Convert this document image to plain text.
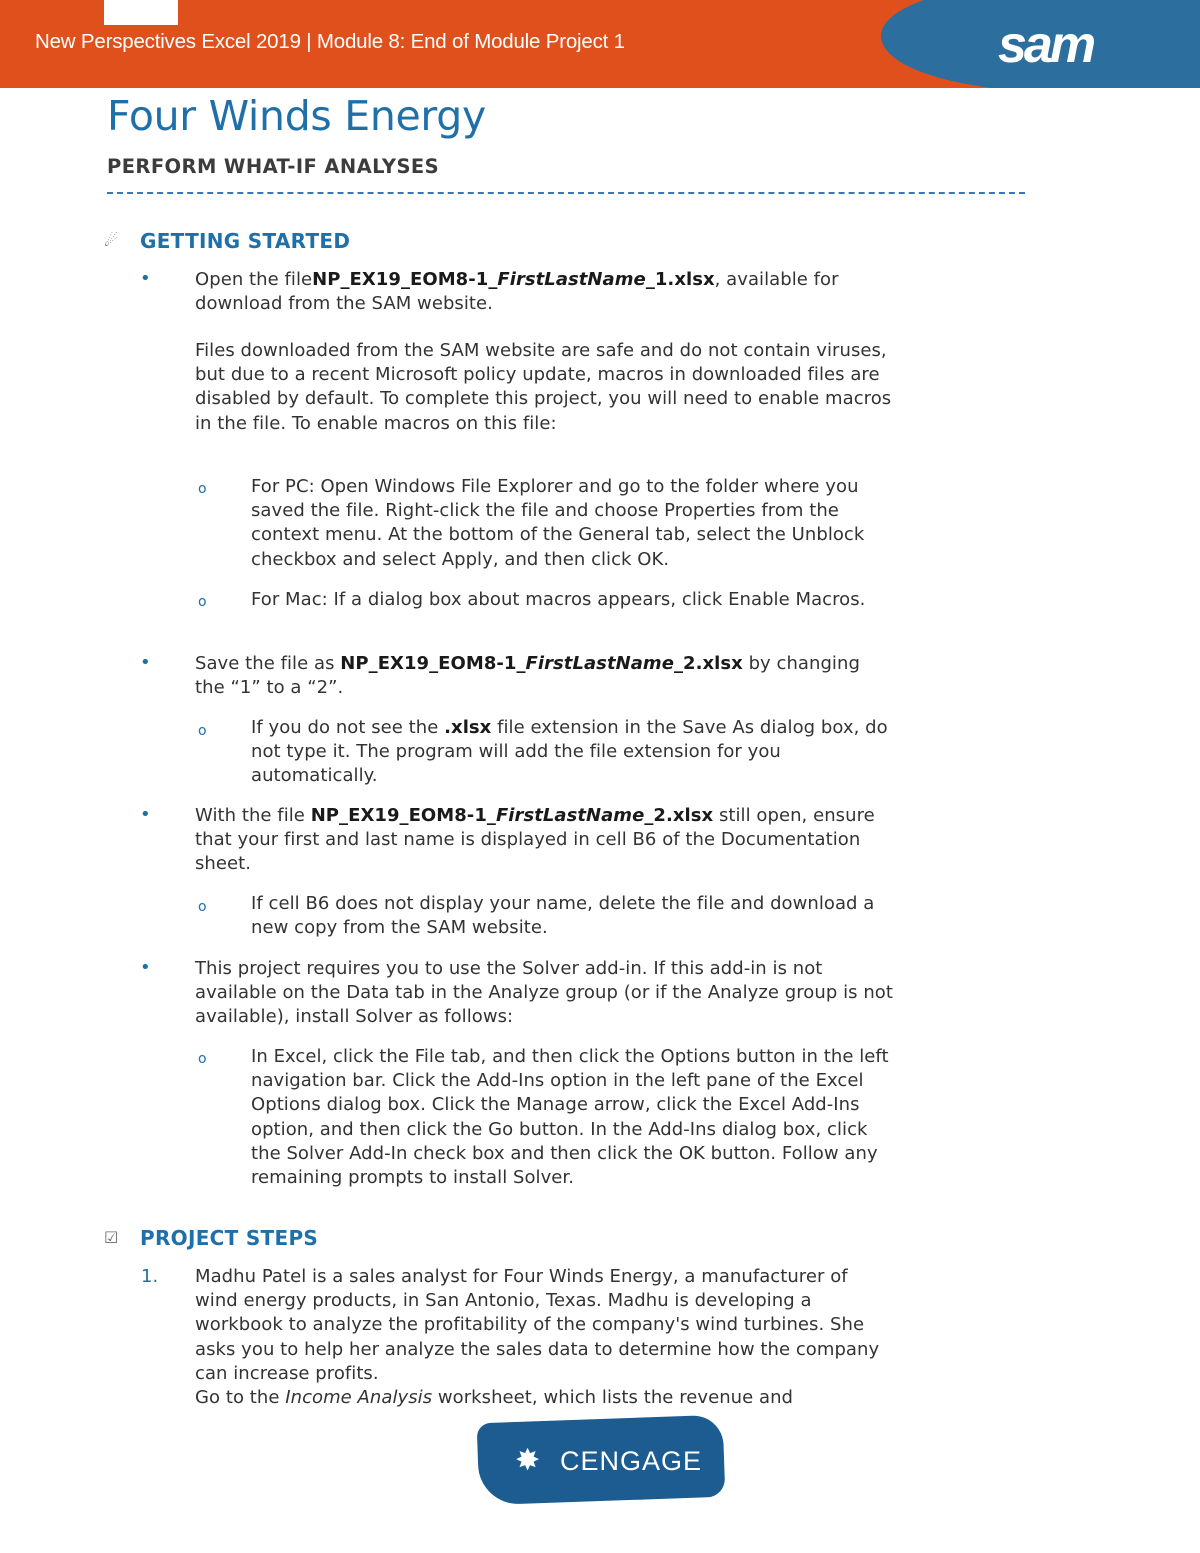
New Perspectives Excel 2019 | Module 8: End of Module Project 1	sam
Four Winds Energy
PERFORM WHAT-IF ANALYSES
☄ GETTING STARTED
• Open the fileNP_EX19_EOM8-1_FirstLastName_1.xlsx, available for download from the SAM website.
Files downloaded from the SAM website are safe and do not contain viruses, but due to a recent Microsoft policy update, macros in downloaded files are disabled by default. To complete this project, you will need to enable macros in the file. To enable macros on this file:
o For PC: Open Windows File Explorer and go to the folder where you saved the file. Right-click the file and choose Properties from the context menu. At the bottom of the General tab, select the Unblock checkbox and select Apply, and then click OK.
o For Mac: If a dialog box about macros appears, click Enable Macros.
• Save the file as NP_EX19_EOM8-1_FirstLastName_2.xlsx by changing the “1” to a “2”.
o If you do not see the .xlsx file extension in the Save As dialog box, do not type it. The program will add the file extension for you automatically.
• With the file NP_EX19_EOM8-1_FirstLastName_2.xlsx still open, ensure that your first and last name is displayed in cell B6 of the Documentation sheet.
o If cell B6 does not display your name, delete the file and download a new copy from the SAM website.
• This project requires you to use the Solver add-in. If this add-in is not available on the Data tab in the Analyze group (or if the Analyze group is not available), install Solver as follows:
o In Excel, click the File tab, and then click the Options button in the left navigation bar. Click the Add-Ins option in the left pane of the Excel Options dialog box. Click the Manage arrow, click the Excel Add-Ins option, and then click the Go button. In the Add-Ins dialog box, click the Solver Add-In check box and then click the OK button. Follow any remaining prompts to install Solver.
☑ PROJECT STEPS
1. Madhu Patel is a sales analyst for Four Winds Energy, a manufacturer of wind energy products, in San Antonio, Texas. Madhu is developing a workbook to analyze the profitability of the company's wind turbines. She asks you to help her analyze the sales data to determine how the company can increase profits.
Go to the Income Analysis worksheet, which lists the revenue and
✸ CENGAGE
